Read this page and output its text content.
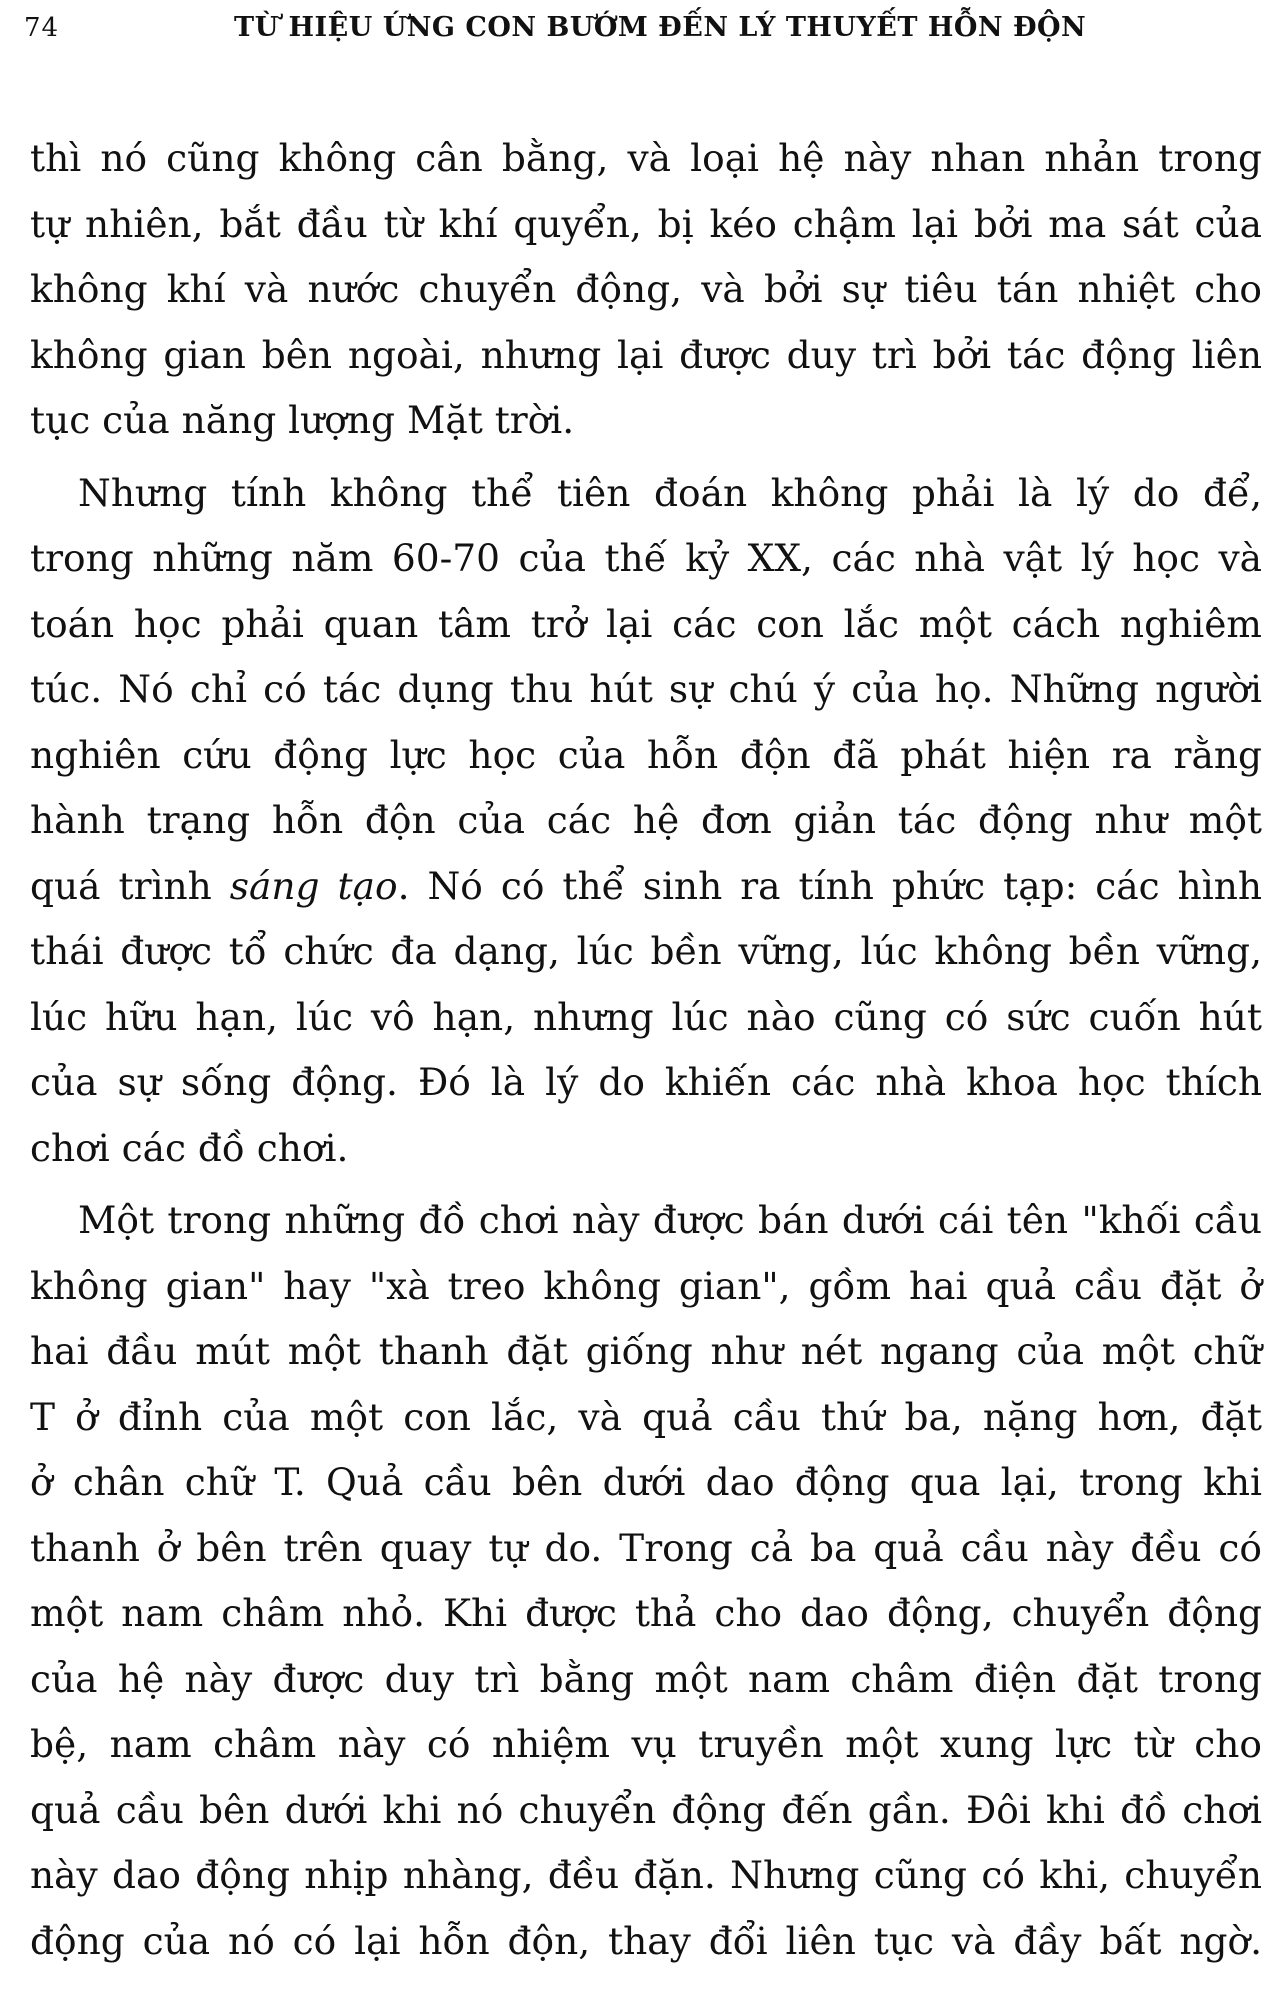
74	TỪ HIỆU ỨNG CON BƯỚM ĐẾN LÝ THUYẾT HỖN ĐỘN
thì nó cũng không cân bằng, và loại hệ này nhan nhản trong
tự nhiên, bắt đầu từ khí quyển, bị kéo chậm lại bởi ma sát của
không khí và nước chuyển động, và bởi sự tiêu tán nhiệt cho
không gian bên ngoài, nhưng lại được duy trì bởi tác động liên
tục của năng lượng Mặt trời.
Nhưng tính không thể tiên đoán không phải là lý do để,
trong những năm 60-70 của thế kỷ XX, các nhà vật lý học và
toán học phải quan tâm trở lại các con lắc một cách nghiêm
túc. Nó chỉ có tác dụng thu hút sự chú ý của họ. Những người
nghiên cứu động lực học của hỗn độn đã phát hiện ra rằng
hành trạng hỗn độn của các hệ đơn giản tác động như một
quá trình sáng tạo. Nó có thể sinh ra tính phức tạp: các hình
thái được tổ chức đa dạng, lúc bền vững, lúc không bền vững,
lúc hữu hạn, lúc vô hạn, nhưng lúc nào cũng có sức cuốn hút
của sự sống động. Đó là lý do khiến các nhà khoa học thích
chơi các đồ chơi.
Một trong những đồ chơi này được bán dưới cái tên "khối cầu
không gian" hay "xà treo không gian", gồm hai quả cầu đặt ở
hai đầu mút một thanh đặt giống như nét ngang của một chữ
T ở đỉnh của một con lắc, và quả cầu thứ ba, nặng hơn, đặt
ở chân chữ T. Quả cầu bên dưới dao động qua lại, trong khi
thanh ở bên trên quay tự do. Trong cả ba quả cầu này đều có
một nam châm nhỏ. Khi được thả cho dao động, chuyển động
của hệ này được duy trì bằng một nam châm điện đặt trong
bệ, nam châm này có nhiệm vụ truyền một xung lực từ cho
quả cầu bên dưới khi nó chuyển động đến gần. Đôi khi đồ chơi
này dao động nhịp nhàng, đều đặn. Nhưng cũng có khi, chuyển
động của nó có lại hỗn độn, thay đổi liên tục và đầy bất ngờ.
